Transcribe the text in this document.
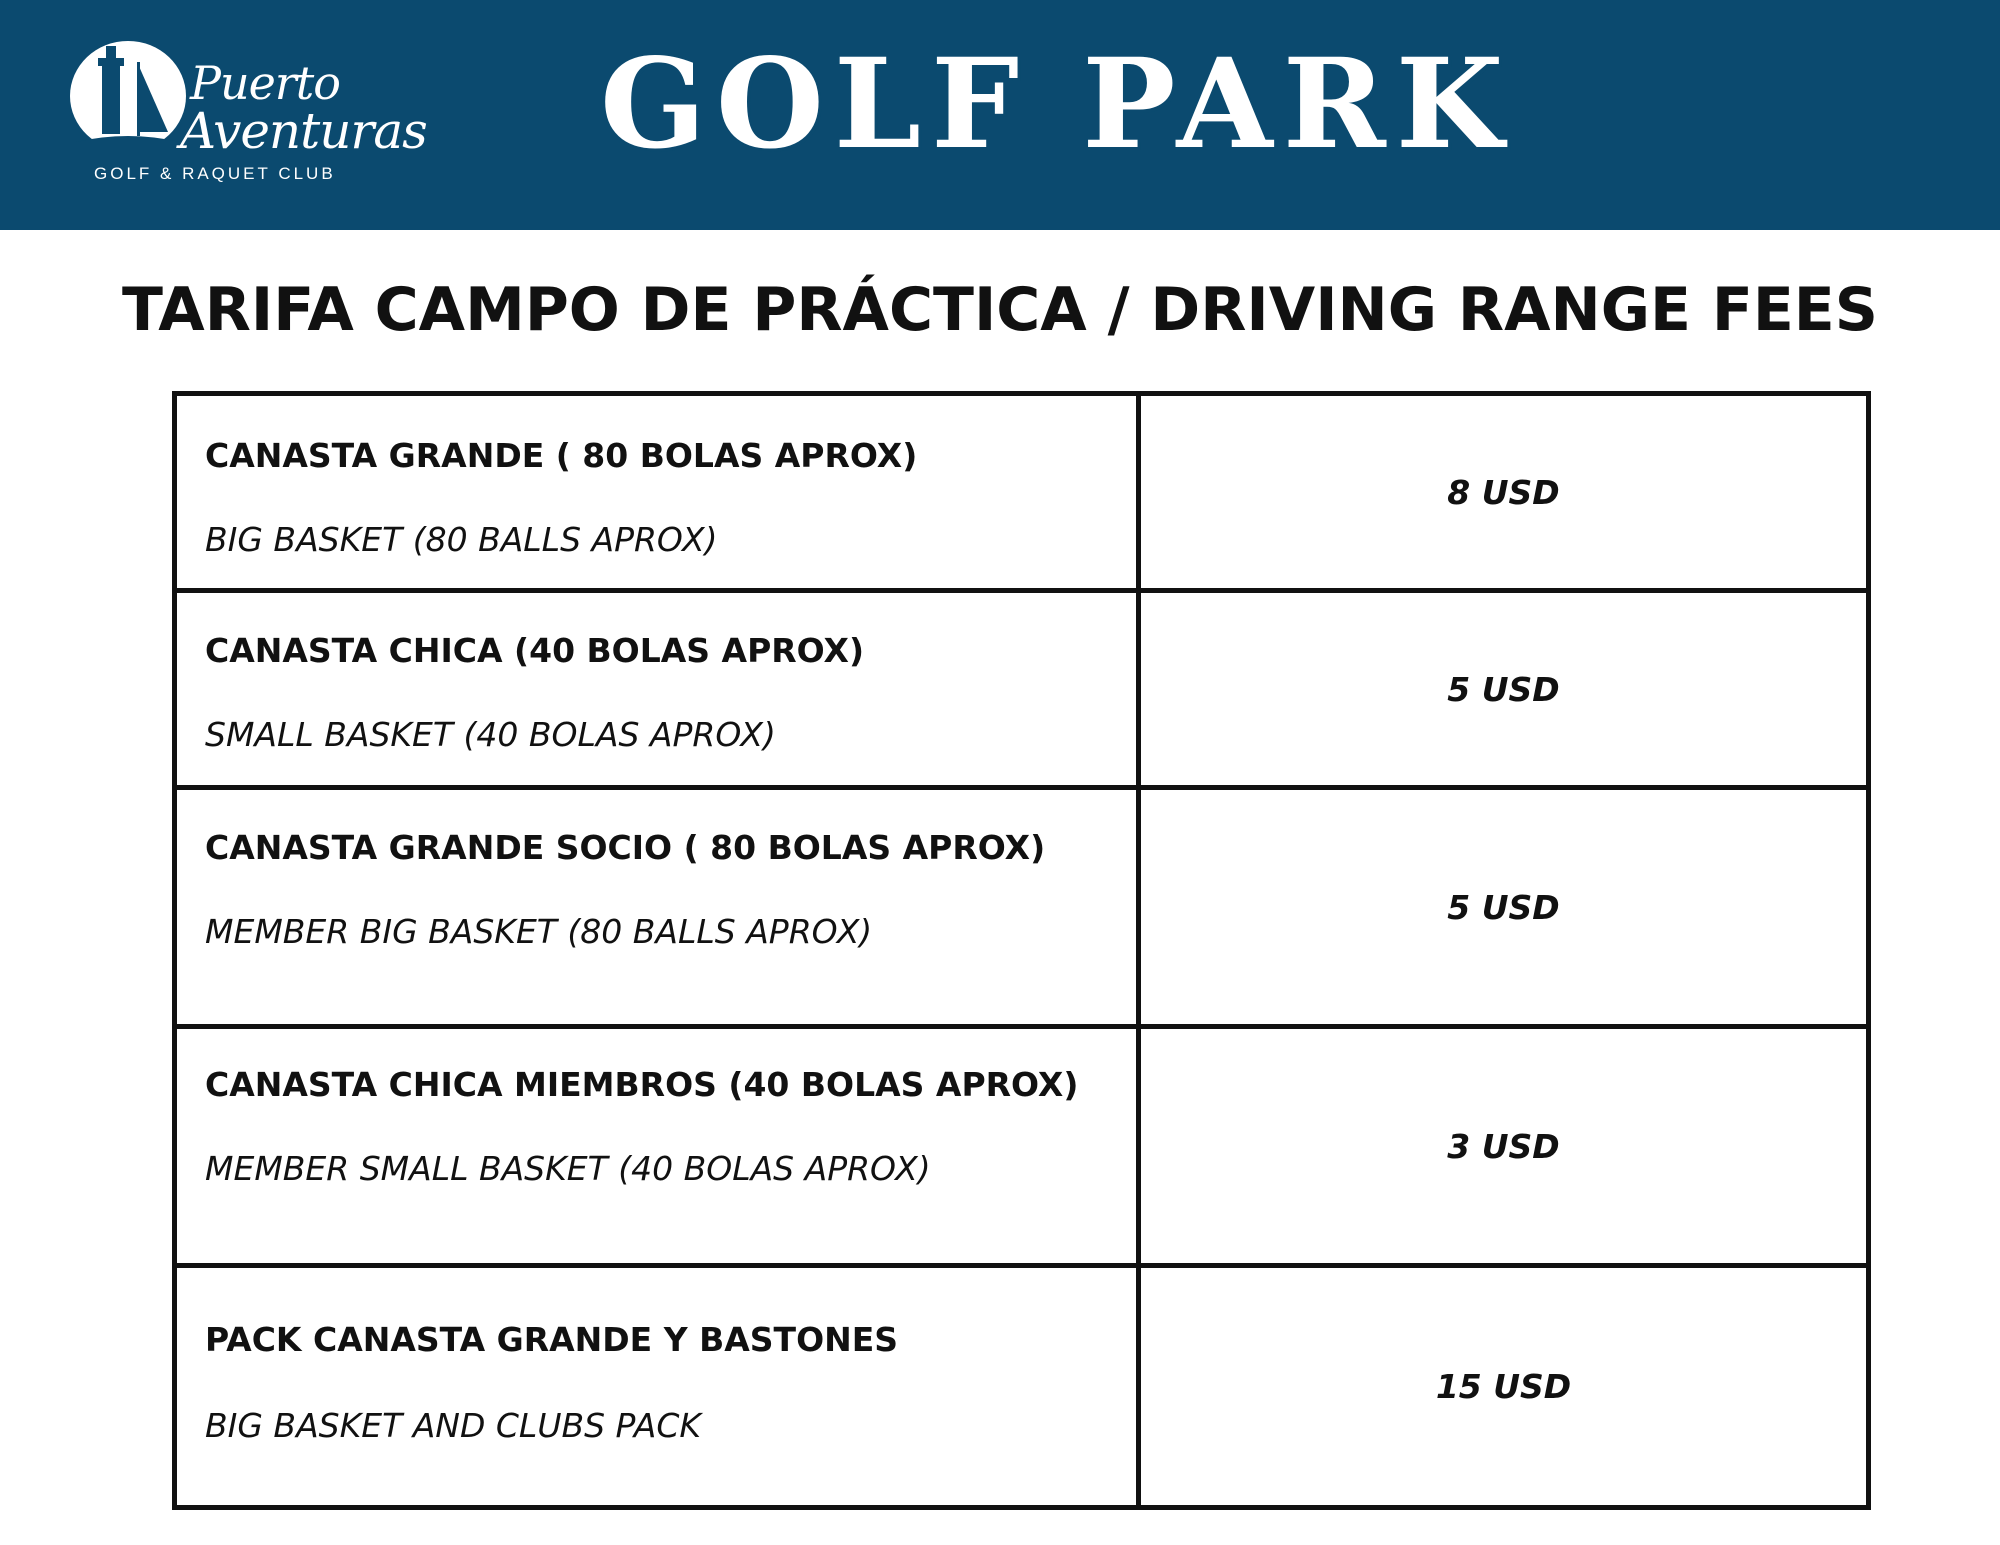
Puerto
Aventuras
GOLF & RAQUET CLUB GOLF PARK
TARIFA CAMPO DE PRÁCTICA / DRIVING RANGE FEES
CANASTA GRANDE ( 80 BOLAS APROX)
BIG BASKET (80 BALLS APROX)	8 USD

CANASTA CHICA (40 BOLAS APROX)
SMALL BASKET (40 BOLAS APROX)	5 USD

CANASTA GRANDE SOCIO ( 80 BOLAS APROX)
MEMBER BIG BASKET (80 BALLS APROX)	5 USD

CANASTA CHICA MIEMBROS (40 BOLAS APROX)
MEMBER SMALL BASKET (40 BOLAS APROX)	3 USD

PACK CANASTA GRANDE Y BASTONES
BIG BASKET AND CLUBS PACK	15 USD
